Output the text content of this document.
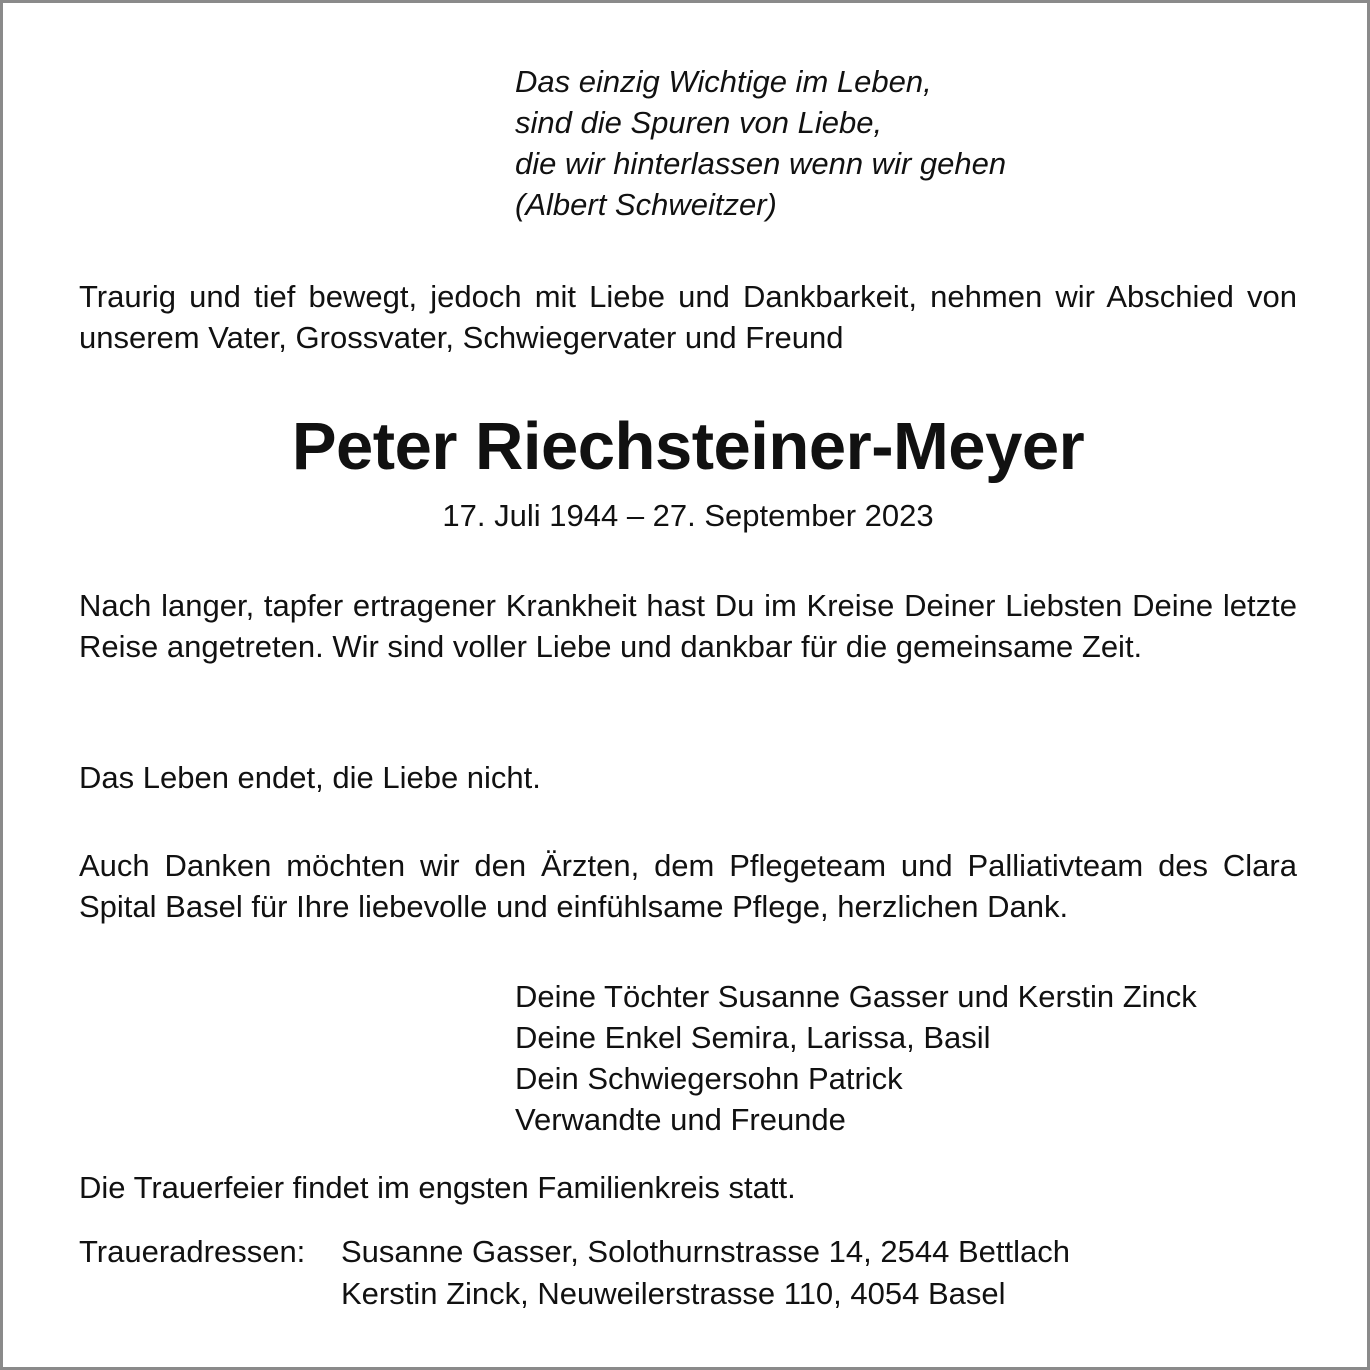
Das einzig Wichtige im Leben,
sind die Spuren von Liebe,
die wir hinterlassen wenn wir gehen
(Albert Schweitzer)

Traurig und tief bewegt, jedoch mit Liebe und Dankbarkeit, nehmen wir Abschied von unserem Vater, Grossvater, Schwiegervater und Freund

Peter Riechsteiner-Meyer
17. Juli 1944 – 27. September 2023

Nach langer, tapfer ertragener Krankheit hast Du im Kreise Deiner Liebsten Deine letzte Reise angetreten. Wir sind voller Liebe und dankbar für die gemeinsame Zeit.

Das Leben endet, die Liebe nicht.

Auch Danken möchten wir den Ärzten, dem Pflegeteam und Palliativteam des Clara Spital Basel für Ihre liebevolle und einfühlsame Pflege, herzlichen Dank.

Deine Töchter Susanne Gasser und Kerstin Zinck
Deine Enkel Semira, Larissa, Basil
Dein Schwiegersohn Patrick
Verwandte und Freunde

Die Trauerfeier findet im engsten Familienkreis statt.

Traueradressen: Susanne Gasser, Solothurnstrasse 14, 2544 Bettlach
Kerstin Zinck, Neuweilerstrasse 110, 4054 Basel
